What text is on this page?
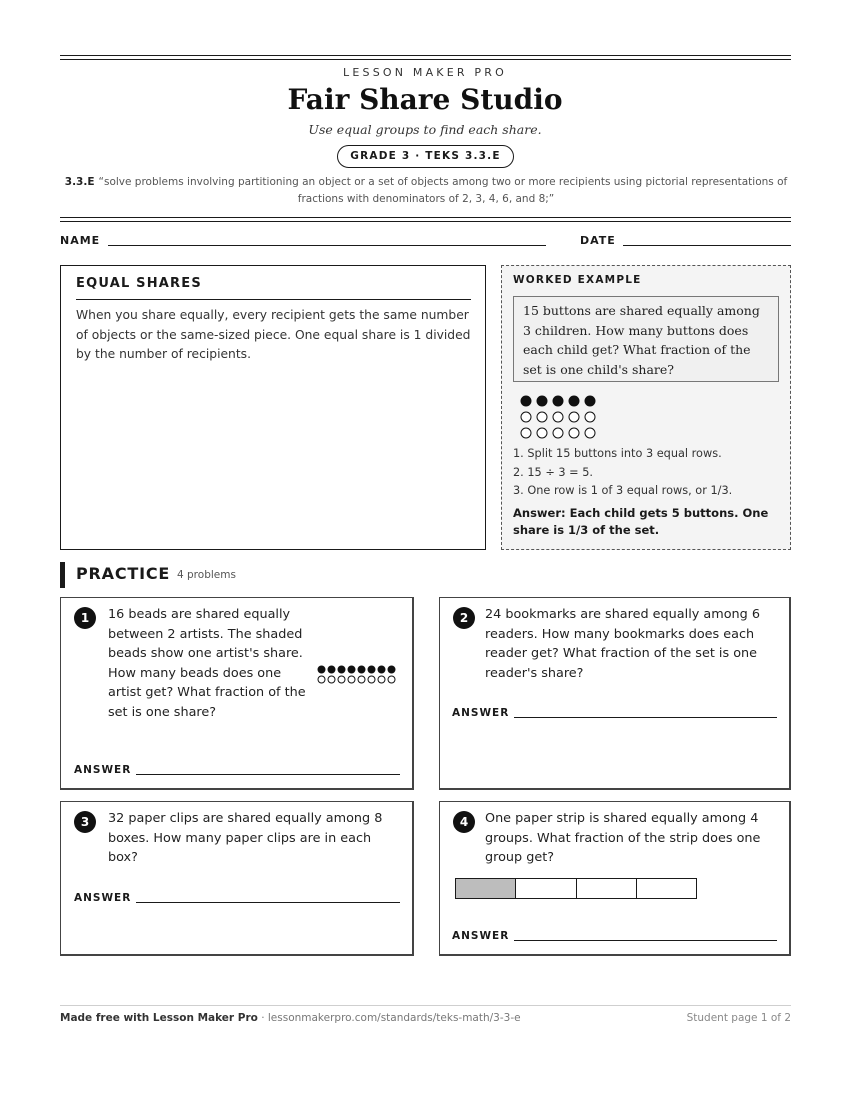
LESSON MAKER PRO
Fair Share Studio
Use equal groups to find each share.
GRADE 3 · TEKS 3.3.E
3.3.E “solve problems involving partitioning an object or a set of objects among two or more recipients using pictorial representations of fractions with denominators of 2, 3, 4, 6, and 8;”
NAME	DATE
EQUAL SHARES

When you share equally, every recipient gets the same number of objects or the same-sized piece. One equal share is 1 divided by the number of recipients.

WORKED EXAMPLE
15 buttons are shared equally among 3 children. How many buttons does each child get? What fraction of the set is one child's share?
1. Split 15 buttons into 3 equal rows.
2. 15 ÷ 3 = 5.
3. One row is 1 of 3 equal rows, or 1/3.
Answer: Each child gets 5 buttons. One share is 1/3 of the set.
PRACTICE 4 problems
1	16 beads are shared equally between 2 artists. The shaded beads show one artist's share. How many beads does one artist get? What fraction of the set is one share?
ANSWER
2	24 bookmarks are shared equally among 6 readers. How many bookmarks does each reader get? What fraction of the set is one reader's share?
ANSWER
3	32 paper clips are shared equally among 8 boxes. How many paper clips are in each box?
ANSWER
4	One paper strip is shared equally among 4 groups. What fraction of the strip does one group get?
ANSWER
Made free with Lesson Maker Pro · lessonmakerpro.com/standards/teks-math/3-3-e	Student page 1 of 2
